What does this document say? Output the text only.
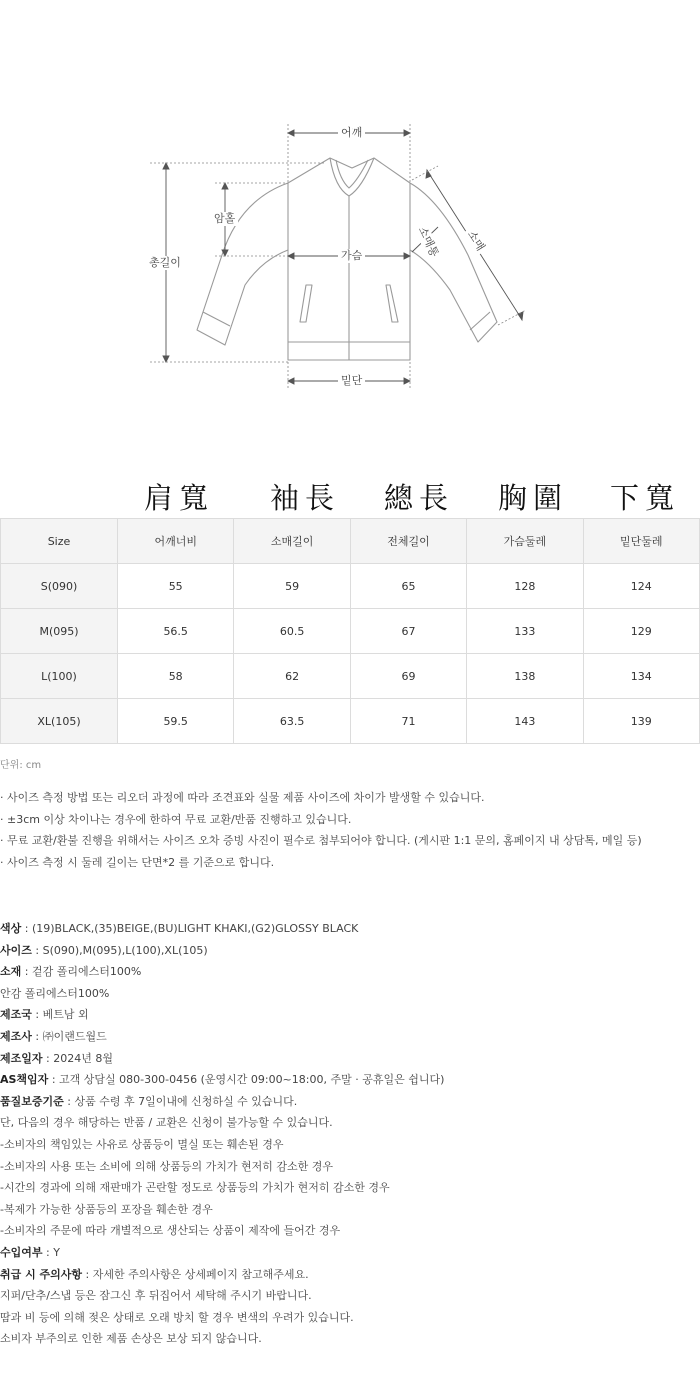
어깨
암홀
총길이
가슴	소매통 소매
밑단
肩寬 袖長 總長 胸圍 下寬
Size	어깨너비	소매길이	전체길이	가슴둘레	밑단둘레
S(090)	55	59	65	128	124
M(095)	56.5	60.5	67	133	129
L(100)	58	62	69	138	134
XL(105)	59.5	63.5	71	143	139
단위: cm
· 사이즈 측정 방법 또는 리오더 과정에 따라 조견표와 실물 제품 사이즈에 차이가 발생할 수 있습니다.
· ±3cm 이상 차이나는 경우에 한하여 무료 교환/반품 진행하고 있습니다.
· 무료 교환/환불 진행을 위해서는 사이즈 오차 증빙 사진이 필수로 첨부되어야 합니다. (게시판 1:1 문의, 홈페이지 내 상담톡, 메일 등)
· 사이즈 측정 시 둘레 길이는 단면*2 를 기준으로 합니다.
색상 : (19)BLACK,(35)BEIGE,(BU)LIGHT KHAKI,(G2)GLOSSY BLACK
사이즈 : S(090),M(095),L(100),XL(105)
소재 : 겉감 폴리에스터100%
안감 폴리에스터100%
제조국 : 베트남 외
제조사 : ㈜이랜드월드
제조일자 : 2024년 8월
AS책임자 : 고객 상담실 080-300-0456 (운영시간 09:00~18:00, 주말 · 공휴일은 쉽니다)
품질보증기준 : 상품 수령 후 7일이내에 신청하실 수 있습니다.
단, 다음의 경우 해당하는 반품 / 교환은 신청이 불가능할 수 있습니다.
-소비자의 책임있는 사유로 상품등이 멸실 또는 훼손된 경우
-소비자의 사용 또는 소비에 의해 상품등의 가치가 현저히 감소한 경우
-시간의 경과에 의해 재판매가 곤란할 정도로 상품등의 가치가 현저히 감소한 경우
-복제가 가능한 상품등의 포장을 훼손한 경우
-소비자의 주문에 따라 개별적으로 생산되는 상품이 제작에 들어간 경우
수입여부 : Y
취급 시 주의사항 : 자세한 주의사항은 상세페이지 참고해주세요.
지퍼/단추/스냅 등은 잠그신 후 뒤집어서 세탁해 주시기 바랍니다.
땀과 비 등에 의해 젖은 상태로 오래 방치 할 경우 변색의 우려가 있습니다.
소비자 부주의로 인한 제품 손상은 보상 되지 않습니다.
